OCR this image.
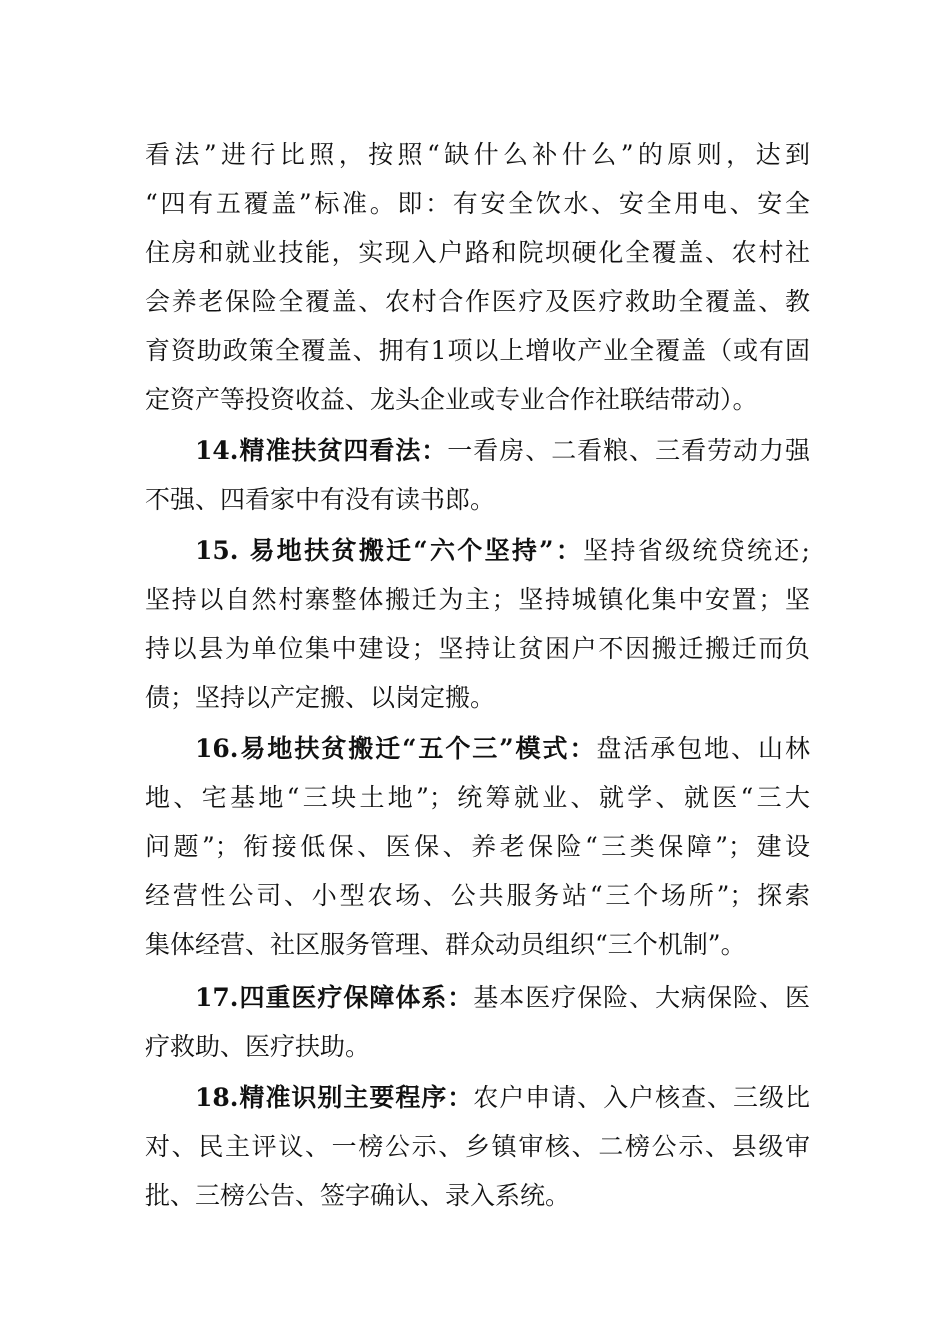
看法”进行比照，按照“缺什么补什么”的原则，达到
“四有五覆盖”标准。即：有安全饮水、安全用电、安全
住房和就业技能，实现入户路和院坝硬化全覆盖、农村社
会养老保险全覆盖、农村合作医疗及医疗救助全覆盖、教
育资助政策全覆盖、拥有1项以上增收产业全覆盖（或有固
定资产等投资收益、龙头企业或专业合作社联结带动）。
14.精准扶贫四看法：一看房、二看粮、三看劳动力强
不强、四看家中有没有读书郎。
15. 易地扶贫搬迁“六个坚持”：坚持省级统贷统还;
坚持以自然村寨整体搬迁为主；坚持城镇化集中安置；坚
持以县为单位集中建设；坚持让贫困户不因搬迁搬迁而负
债；坚持以产定搬、以岗定搬。
16.易地扶贫搬迁“五个三”模式：盘活承包地、山林
地、宅基地“三块土地”；统筹就业、就学、就医“三大
问题”；衔接低保、医保、养老保险“三类保障”；建设
经营性公司、小型农场、公共服务站“三个场所”；探索
集体经营、社区服务管理、群众动员组织“三个机制”。
17.四重医疗保障体系：基本医疗保险、大病保险、医
疗救助、医疗扶助。
18.精准识别主要程序：农户申请、入户核查、三级比
对、民主评议、一榜公示、乡镇审核、二榜公示、县级审
批、三榜公告、签字确认、录入系统。
